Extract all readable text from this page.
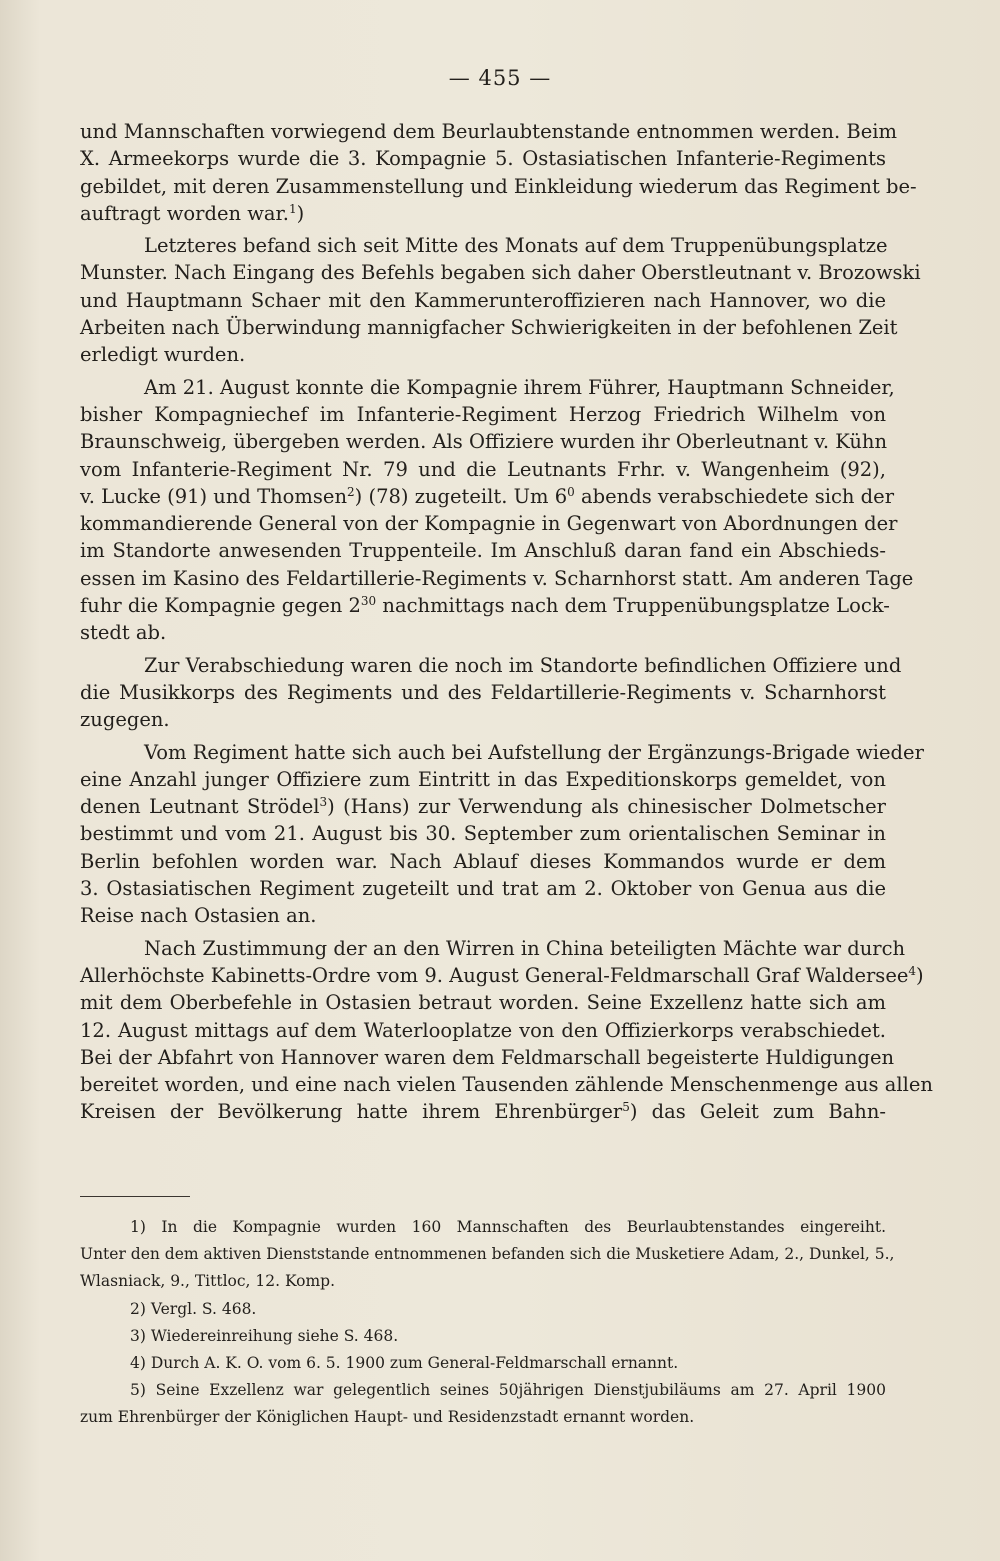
— 455 —
und Mannschaften vorwiegend dem Beurlaubtenstande entnommen werden. Beim
X. Armeekorps wurde die 3. Kompagnie 5. Ostasiatischen Infanterie-Regiments
gebildet, mit deren Zusammenstellung und Einkleidung wiederum das Regiment be-
auftragt worden war.$^1$)
Letzteres befand sich seit Mitte des Monats auf dem Truppenübungsplatze
Munster. Nach Eingang des Befehls begaben sich daher Oberstleutnant v. Brozowski
und Hauptmann Schaer mit den Kammerunteroffizieren nach Hannover, wo die
Arbeiten nach Überwindung mannigfacher Schwierigkeiten in der befohlenen Zeit
erledigt wurden.
Am 21. August konnte die Kompagnie ihrem Führer, Hauptmann Schneider,
bisher Kompagniechef im Infanterie-Regiment Herzog Friedrich Wilhelm von
Braunschweig, übergeben werden. Als Offiziere wurden ihr Oberleutnant v. Kühn
vom Infanterie-Regiment Nr. 79 und die Leutnants Frhr. v. Wangenheim (92),
v. Lucke (91) und Thomsen$^2$) (78) zugeteilt. Um $6^0$ abends verabschiedete sich der
kommandierende General von der Kompagnie in Gegenwart von Abordnungen der
im Standorte anwesenden Truppenteile. Im Anschluß daran fand ein Abschieds-
essen im Kasino des Feldartillerie-Regiments v. Scharnhorst statt. Am anderen Tage
fuhr die Kompagnie gegen $2^{30}$ nachmittags nach dem Truppenübungsplatze Lock-
stedt ab.
Zur Verabschiedung waren die noch im Standorte befindlichen Offiziere und
die Musikkorps des Regiments und des Feldartillerie-Regiments v. Scharnhorst
zugegen.
Vom Regiment hatte sich auch bei Aufstellung der Ergänzungs-Brigade wieder
eine Anzahl junger Offiziere zum Eintritt in das Expeditionskorps gemeldet, von
denen Leutnant Strödel$^3$) (Hans) zur Verwendung als chinesischer Dolmetscher
bestimmt und vom 21. August bis 30. September zum orientalischen Seminar in
Berlin befohlen worden war. Nach Ablauf dieses Kommandos wurde er dem
3. Ostasiatischen Regiment zugeteilt und trat am 2. Oktober von Genua aus die
Reise nach Ostasien an.
Nach Zustimmung der an den Wirren in China beteiligten Mächte war durch
Allerhöchste Kabinetts-Ordre vom 9. August General-Feldmarschall Graf Waldersee$^4$)
mit dem Oberbefehle in Ostasien betraut worden. Seine Exzellenz hatte sich am
12. August mittags auf dem Waterlooplatze von den Offizierkorps verabschiedet.
Bei der Abfahrt von Hannover waren dem Feldmarschall begeisterte Huldigungen
bereitet worden, und eine nach vielen Tausenden zählende Menschenmenge aus allen
Kreisen der Bevölkerung hatte ihrem Ehrenbürger$^5$) das Geleit zum Bahn-
1) In die Kompagnie wurden 160 Mannschaften des Beurlaubtenstandes eingereiht.
Unter den dem aktiven Dienststande entnommenen befanden sich die Musketiere Adam, 2., Dunkel, 5.,
Wlasniack, 9., Tittloc, 12. Komp.
2) Vergl. S. 468.
3) Wiedereinreihung siehe S. 468.
4) Durch A. K. O. vom 6. 5. 1900 zum General-Feldmarschall ernannt.
5) Seine Exzellenz war gelegentlich seines 50jährigen Dienstjubiläums am 27. April 1900
zum Ehrenbürger der Königlichen Haupt- und Residenzstadt ernannt worden.
